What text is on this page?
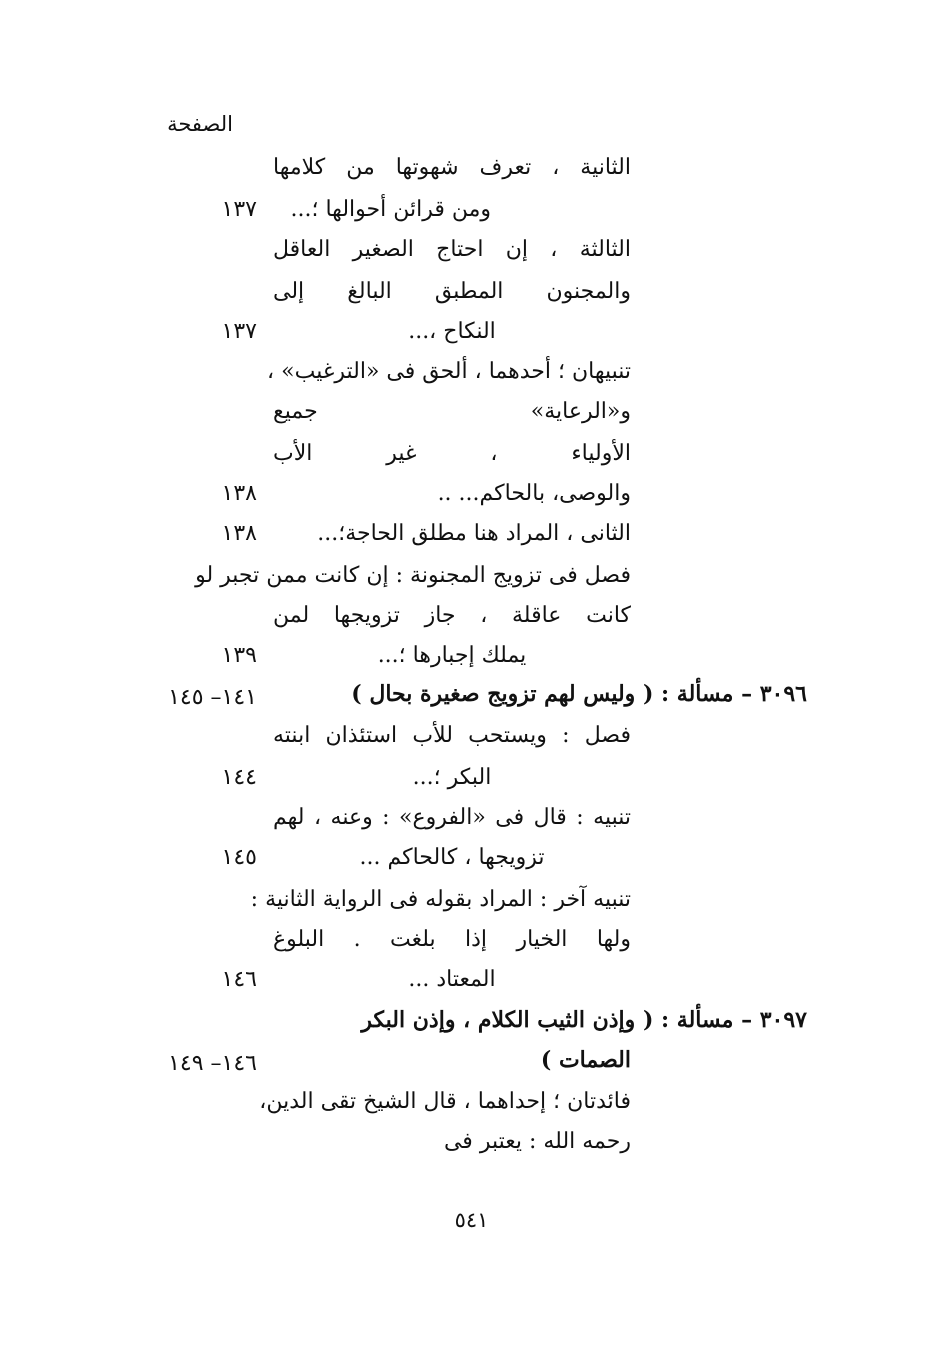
الصفحة
الثانية ، تعرف شهوتها من كلامها
ومن قرائن أحوالها ؛...
١٣٧
الثالثة ، إن احتاج الصغير العاقل
والمجنون المطبق البالغ إلى
النكاح ،...
١٣٧
تنبيهان ؛ أحدهما ، ألحق فى «الترغيب» ،
و«الرعاية» جميع
الأولياء ، غير الأب
والوصى، بالحاكم... ..
١٣٨
الثانى ، المراد هنا مطلق الحاجة؛...
١٣٨
فصل فى تزويج المجنونة : إن كانت ممن تجبر لو
كانت عاقلة ، جاز تزويجها لمن
يملك إجبارها ؛...
١٣٩
٣٠٩٦ – مسألة : ( وليس لهم تزويج صغيرة بحال )
١٤١– ١٤٥
فصل : ويستحب للأب استئذان ابنته
البكر ؛...
١٤٤
تنبيه : قال فى «الفروع» : وعنه ، لهم
تزويجها ، كالحاكم ...
١٤٥
تنبيه آخر : المراد بقوله فى الرواية الثانية :
ولها الخيار إذا بلغت . البلوغ
المعتاد ...
١٤٦
٣٠٩٧ – مسألة : ( وإذن الثيب الكلام ، وإذن البكر
الصمات )
١٤٦– ١٤٩
فائدتان ؛ إحداهما ، قال الشيخ تقى الدين،
رحمه الله : يعتبر فى
٥٤١
